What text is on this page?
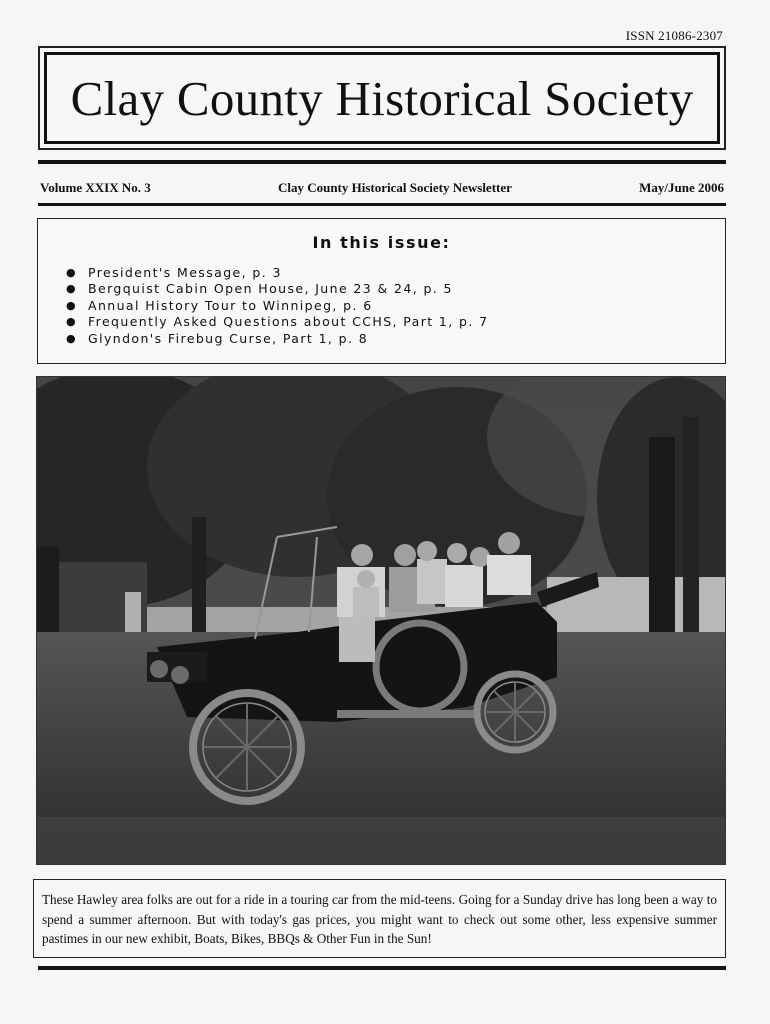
ISSN 21086-2307
Clay County Historical Society
Volume XXIX No. 3	Clay County Historical Society Newsletter	May/June 2006
In this issue:
● President's Message, p. 3
● Bergquist Cabin Open House, June 23 & 24, p. 5
● Annual History Tour to Winnipeg, p. 6
● Frequently Asked Questions about CCHS, Part 1, p. 7
● Glyndon's Firebug Curse, Part 1, p. 8
These Hawley area folks are out for a ride in a touring car from the mid-teens. Going for a Sunday drive has long been a way to spend a summer afternoon. But with today's gas prices, you might want to check out some other, less expensive summer pastimes in our new exhibit, Boats, Bikes, BBQs & Other Fun in the Sun!
